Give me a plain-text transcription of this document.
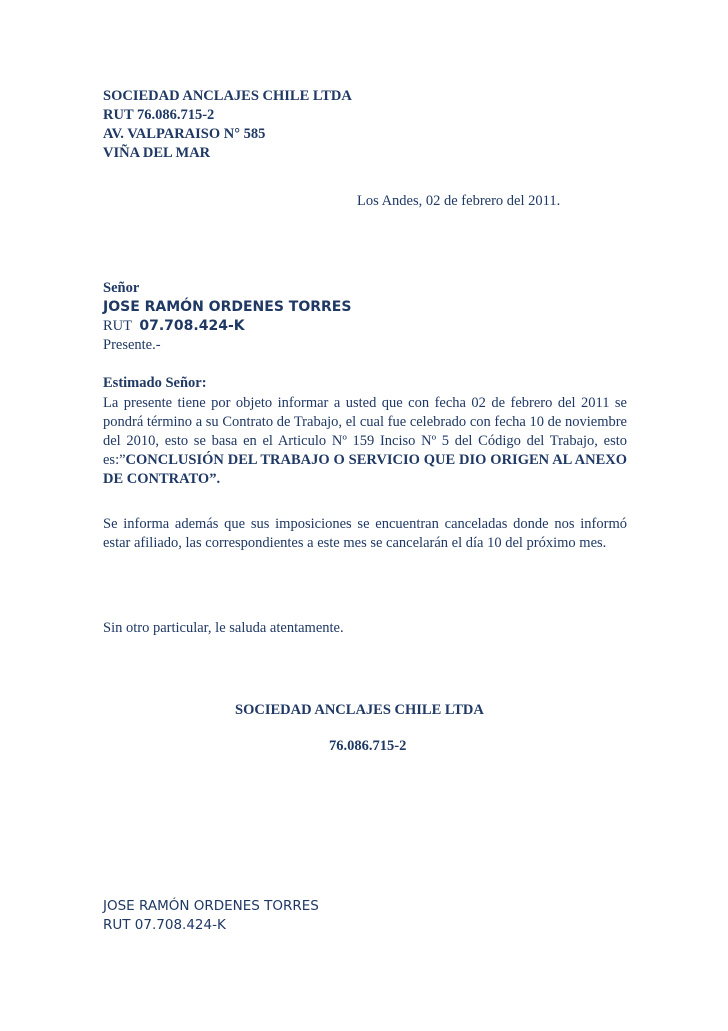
SOCIEDAD ANCLAJES CHILE LTDA
RUT 76.086.715-2
AV. VALPARAISO N° 585
VIÑA DEL MAR
Los Andes, 02 de febrero del 2011.
Señor
JOSE RAMÓN ORDENES TORRES
RUT 07.708.424-K
Presente.-
Estimado Señor:
La presente tiene por objeto informar a usted que con fecha 02 de febrero del 2011 se pondrá término a su Contrato de Trabajo, el cual fue celebrado con fecha 10 de noviembre del 2010, esto se basa en el Articulo Nº 159 Inciso Nº 5 del Código del Trabajo, esto es:”CONCLUSIÓN DEL TRABAJO O SERVICIO QUE DIO ORIGEN AL ANEXO DE CONTRATO”.
Se informa además que sus imposiciones se encuentran canceladas donde nos informó estar afiliado, las correspondientes a este mes se cancelarán el día 10 del próximo mes.
Sin otro particular, le saluda atentamente.
SOCIEDAD ANCLAJES CHILE LTDA
76.086.715-2
JOSE RAMÓN ORDENES TORRES
RUT 07.708.424-K
